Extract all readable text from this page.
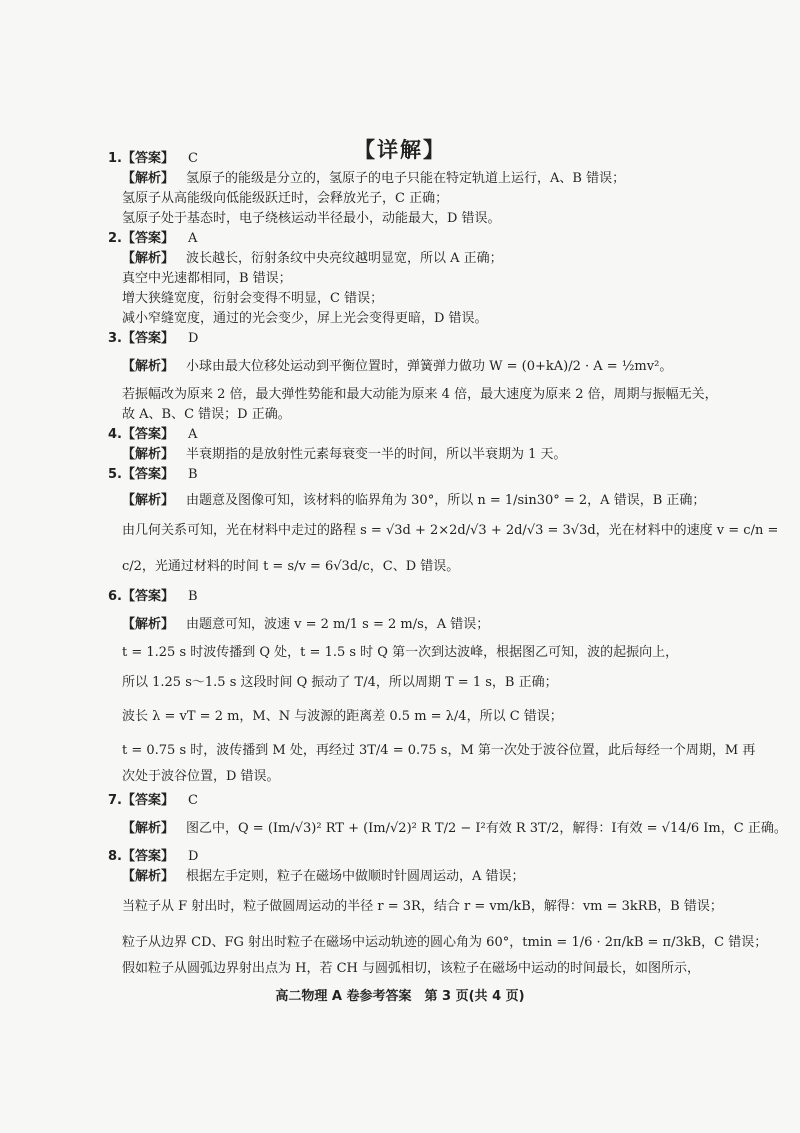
【详解】
1.【答案】 C
【解析】 氢原子的能级是分立的，氢原子的电子只能在特定轨道上运行，A、B 错误；
氢原子从高能级向低能级跃迁时，会释放光子，C 正确；
氢原子处于基态时，电子绕核运动半径最小，动能最大，D 错误。
2.【答案】 A
【解析】 波长越长，衍射条纹中央亮纹越明显宽，所以 A 正确；
真空中光速都相同，B 错误；
增大狭缝宽度，衍射会变得不明显，C 错误；
减小窄缝宽度，通过的光会变少，屏上光会变得更暗，D 错误。
3.【答案】 D
【解析】 小球由最大位移处运动到平衡位置时，弹簧弹力做功 W = (0+kA)/2 · A = ½mv²。
若振幅改为原来 2 倍，最大弹性势能和最大动能为原来 4 倍，最大速度为原来 2 倍，周期与振幅无关，
故 A、B、C 错误；D 正确。
4.【答案】 A
【解析】 半衰期指的是放射性元素每衰变一半的时间，所以半衰期为 1 天。
5.【答案】 B
【解析】 由题意及图像可知，该材料的临界角为 30°，所以 n = 1/sin30° = 2，A 错误，B 正确；
由几何关系可知，光在材料中走过的路程 s = √3d + 2×2d/√3 + 2d/√3 = 3√3d，光在材料中的速度 v = c/n =
c/2，光通过材料的时间 t = s/v = 6√3d/c，C、D 错误。
6.【答案】 B
【解析】 由题意可知，波速 v = 2 m/1 s = 2 m/s，A 错误；
t = 1.25 s 时波传播到 Q 处，t = 1.5 s 时 Q 第一次到达波峰，根据图乙可知，波的起振向上，
所以 1.25 s～1.5 s 这段时间 Q 振动了 T/4，所以周期 T = 1 s，B 正确；
波长 λ = vT = 2 m，M、N 与波源的距离差 0.5 m = λ/4，所以 C 错误；
t = 0.75 s 时，波传播到 M 处，再经过 3T/4 = 0.75 s，M 第一次处于波谷位置，此后每经一个周期，M 再
次处于波谷位置，D 错误。
7.【答案】 C
【解析】 图乙中，Q = (Im/√3)² RT + (Im/√2)² R T/2 − I²有效 R 3T/2，解得：I有效 = √14/6 Im，C 正确。
8.【答案】 D
【解析】 根据左手定则，粒子在磁场中做顺时针圆周运动，A 错误；
当粒子从 F 射出时，粒子做圆周运动的半径 r = 3R，结合 r = vm/kB，解得：vm = 3kRB，B 错误；
粒子从边界 CD、FG 射出时粒子在磁场中运动轨迹的圆心角为 60°，tmin = 1/6 · 2π/kB = π/3kB，C 错误；
假如粒子从圆弧边界射出点为 H，若 CH 与圆弧相切，该粒子在磁场中运动的时间最长，如图所示，
高二物理 A 卷参考答案　第 3 页(共 4 页)
